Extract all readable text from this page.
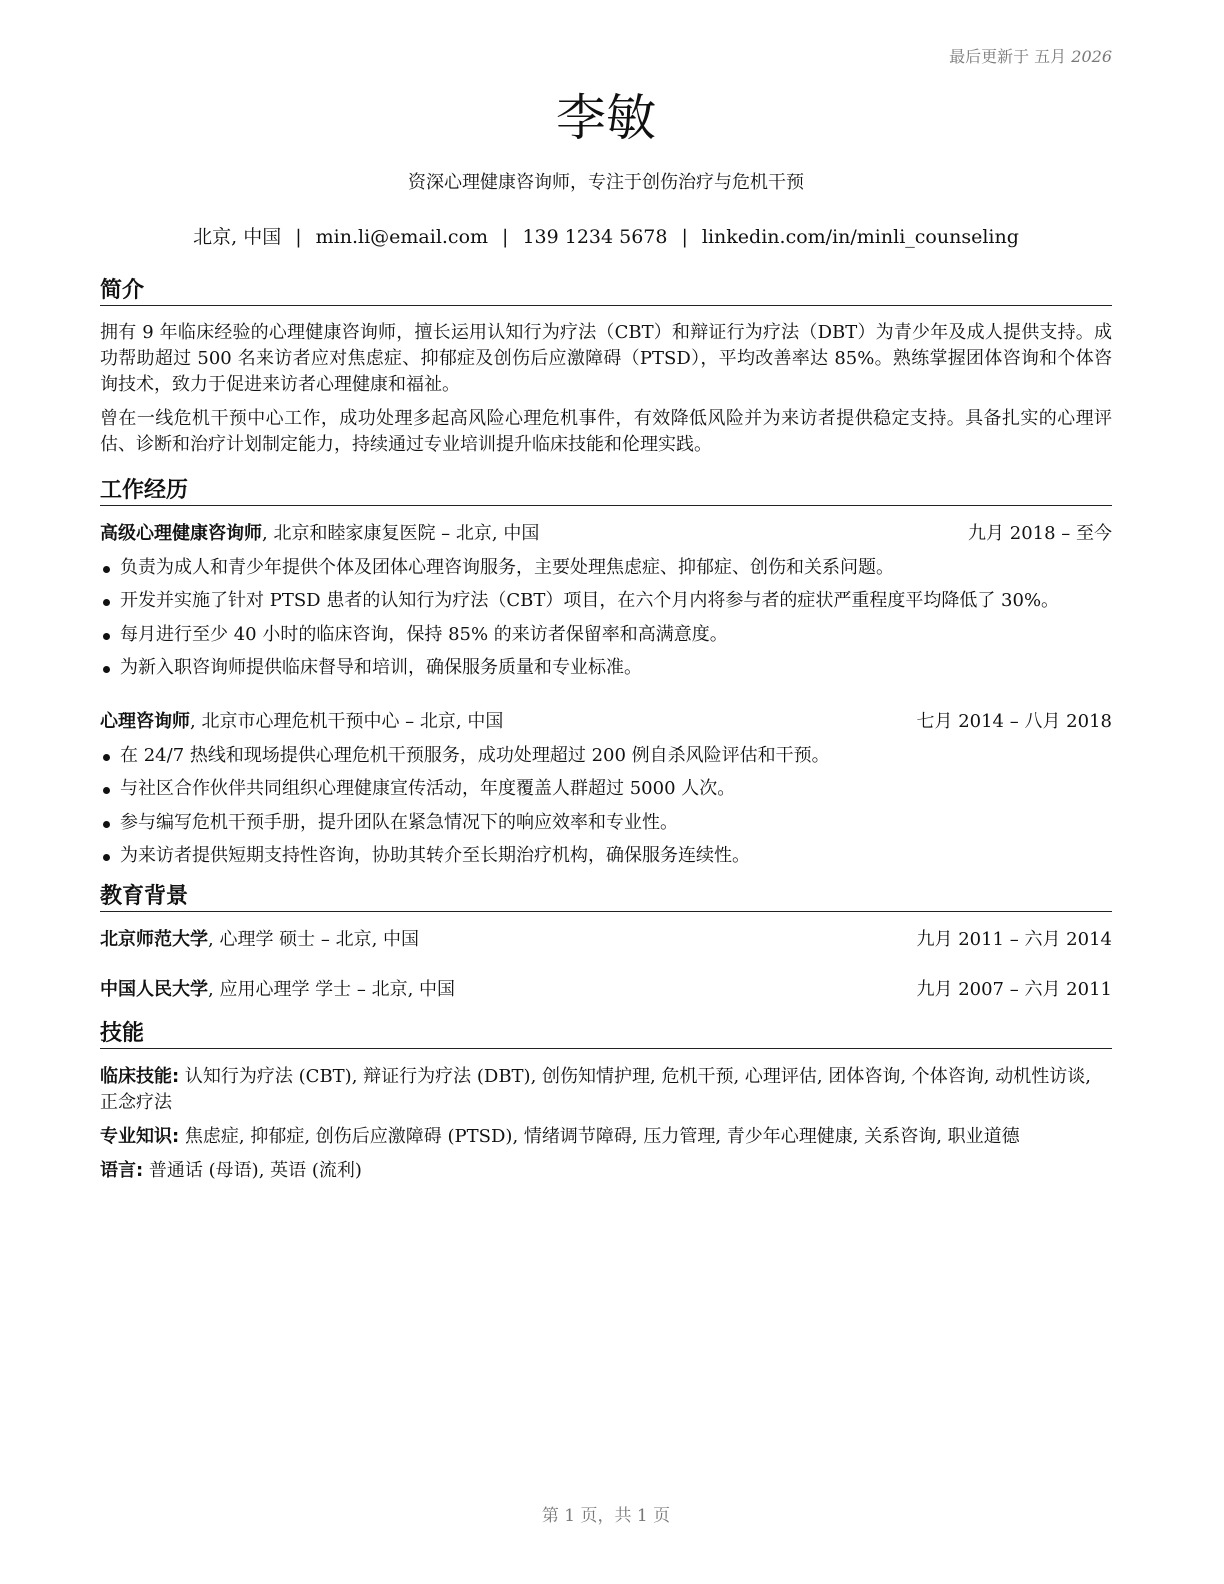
最后更新于 五月 2026
李敏
资深心理健康咨询师，专注于创伤治疗与危机干预
北京, 中国 | min.li@email.com | 139 1234 5678 | linkedin.com/in/minli_counseling
简介

拥有 9 年临床经验的心理健康咨询师，擅长运用认知行为疗法（CBT）和辩证行为疗法（DBT）为青少年及成人提供支持。成功帮助超过 500 名来访者应对焦虑症、抑郁症及创伤后应激障碍（PTSD），平均改善率达 85%。熟练掌握团体咨询和个体咨询技术，致力于促进来访者心理健康和福祉。

曾在一线危机干预中心工作，成功处理多起高风险心理危机事件，有效降低风险并为来访者提供稳定支持。具备扎实的心理评估、诊断和治疗计划制定能力，持续通过专业培训提升临床技能和伦理实践。

工作经历
高级心理健康咨询师, 北京和睦家康复医院 – 北京, 中国	九月 2018 – 至今
负责为成人和青少年提供个体及团体心理咨询服务，主要处理焦虑症、抑郁症、创伤和关系问题。
开发并实施了针对 PTSD 患者的认知行为疗法（CBT）项目，在六个月内将参与者的症状严重程度平均降低了 30%。
每月进行至少 40 小时的临床咨询，保持 85% 的来访者保留率和高满意度。
为新入职咨询师提供临床督导和培训，确保服务质量和专业标准。
心理咨询师, 北京市心理危机干预中心 – 北京, 中国	七月 2014 – 八月 2018
在 24/7 热线和现场提供心理危机干预服务，成功处理超过 200 例自杀风险评估和干预。
与社区合作伙伴共同组织心理健康宣传活动，年度覆盖人群超过 5000 人次。
参与编写危机干预手册，提升团队在紧急情况下的响应效率和专业性。
为来访者提供短期支持性咨询，协助其转介至长期治疗机构，确保服务连续性。
教育背景
北京师范大学, 心理学 硕士 – 北京, 中国	九月 2011 – 六月 2014
中国人民大学, 应用心理学 学士 – 北京, 中国	九月 2007 – 六月 2011
技能

临床技能: 认知行为疗法 (CBT), 辩证行为疗法 (DBT), 创伤知情护理, 危机干预, 心理评估, 团体咨询, 个体咨询, 动机性访谈, 正念疗法

专业知识: 焦虑症, 抑郁症, 创伤后应激障碍 (PTSD), 情绪调节障碍, 压力管理, 青少年心理健康, 关系咨询, 职业道德

语言: 普通话 (母语), 英语 (流利)

第 1 页，共 1 页
